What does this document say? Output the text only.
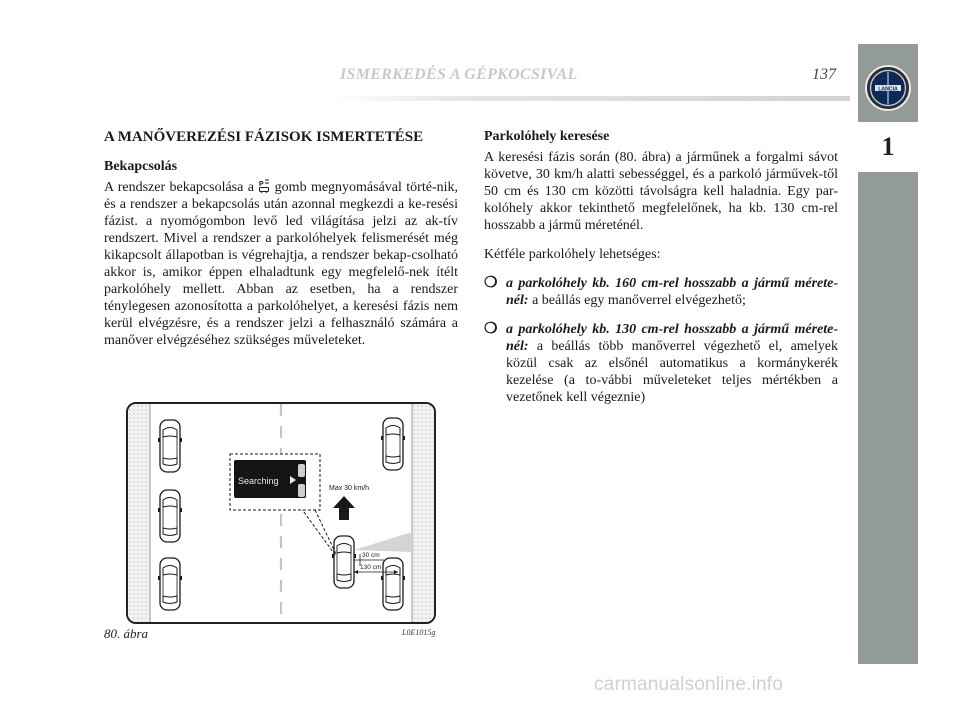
ISMERKEDÉS A GÉPKOCSIVAL	137
LANCIA
1
A MANŐVEREZÉSI FÁZISOK ISMERTETÉSE
Bekapcsolás

A rendszer bekapcsolása a P gomb megnyomásával törté-nik, és a rendszer a bekapcsolás után azonnal megkezdi a ke-resési fázist. a nyomógombon levő led világítása jelzi az ak-tív rendszert. Mivel a rendszer a parkolóhelyek felismerését még kikapcsolt állapotban is végrehajtja, a rendszer bekap-csolható akkor is, amikor éppen elhaladtunk egy megfelelő-nek ítélt parkolóhely mellett. Abban az esetben, ha a rendszer ténylegesen azonosította a parkolóhelyet, a keresési fázis nem kerül elvégzésre, és a rendszer jelzi a felhasználó számára a manőver elvégzéséhez szükséges műveleteket.

Parkolóhely keresése

A keresési fázis során (80. ábra) a járműnek a forgalmi sávot követve, 30 km/h alatti sebességgel, és a parkoló járművek-től 50 cm és 130 cm közötti távolságra kell haladnia. Egy par-kolóhely akkor tekinthető megfelelőnek, ha kb. 130 cm-rel hosszabb a jármű méreténél.

Kétféle parkolóhely lehetséges:

❍ a parkolóhely kb. 160 cm-rel hosszabb a jármű mérete-nél: a beállás egy manőverrel elvégezhető;

❍ a parkolóhely kb. 130 cm-rel hosszabb a jármű mérete-nél: a beállás több manőverrel végezhető el, amelyek közül csak az elsőnél automatikus a kormánykerék kezelése (a to-vábbi műveleteket teljes mértékben a vezetőnek kell végeznie)

Max 30 km/h
Searching
30 cm
130 cm
80. ábra	L0E1015g
carmanualsonline.info
